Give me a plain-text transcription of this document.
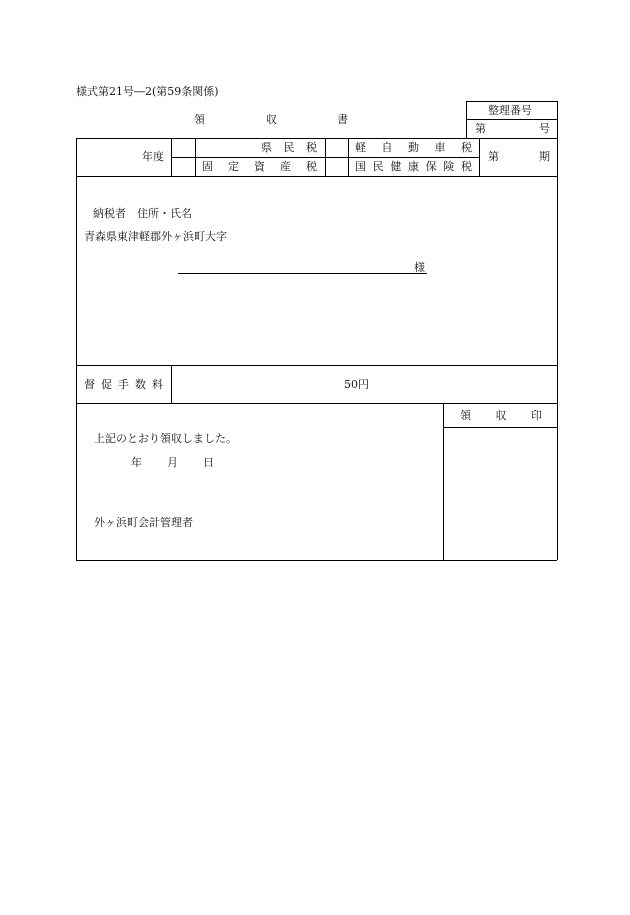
様式第21号―2(第59条関係)
領	収	書
整理番号
第	号
年度
県 民 税	軽 自 動 車 税
固 定 資 産 税	国 民 健 康 保 険 税
第	期
納税者　住所・氏名
青森県東津軽郡外ヶ浜町大字
様
督 促 手 数 料	50円
領 収 印
上記のとおり領収しました。
年 月 日
外ヶ浜町会計管理者
